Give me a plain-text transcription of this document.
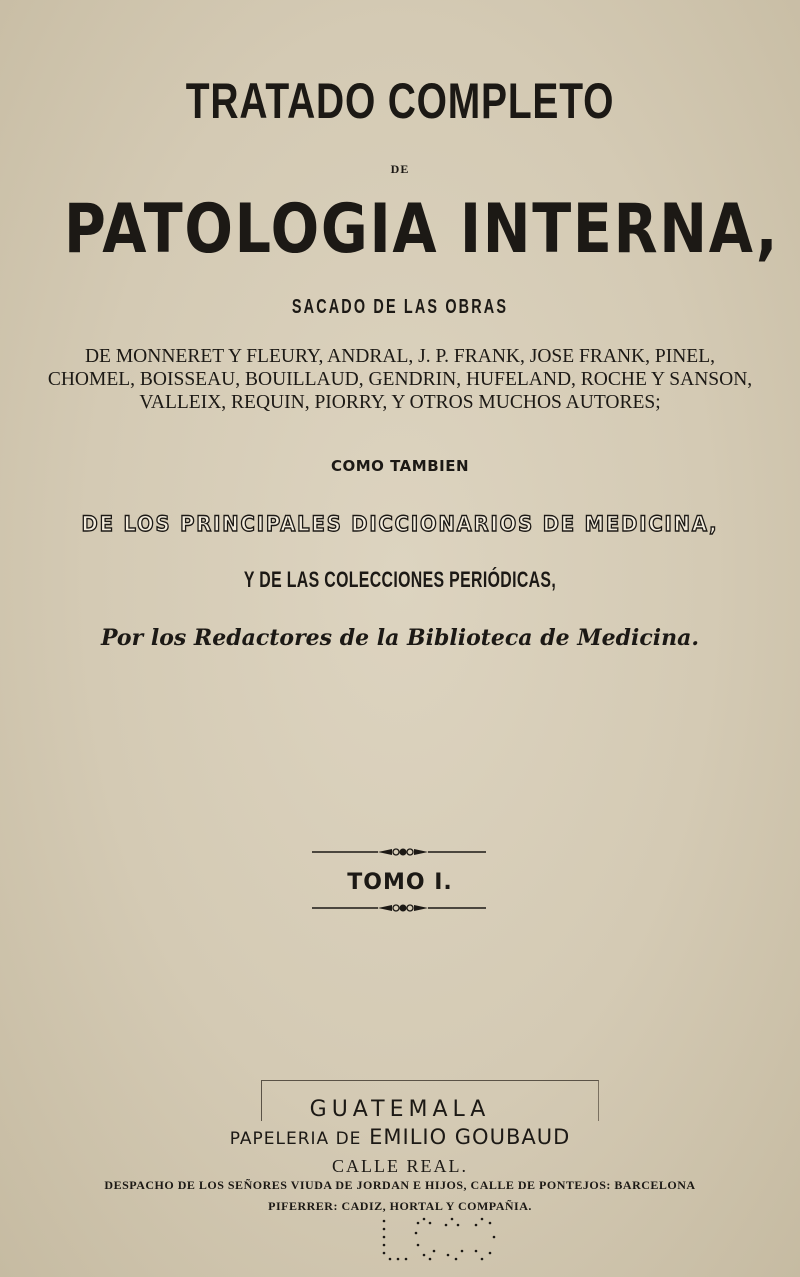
TRATADO COMPLETO
DE
PATOLOGIA INTERNA,
SACADO DE LAS OBRAS
DE MONNERET Y FLEURY, ANDRAL, J. P. FRANK, JOSE FRANK, PINEL,
CHOMEL, BOISSEAU, BOUILLAUD, GENDRIN, HUFELAND, ROCHE Y SANSON,
VALLEIX, REQUIN, PIORRY, Y OTROS MUCHOS AUTORES;
COMO TAMBIEN
DE LOS PRINCIPALES DICCIONARIOS DE MEDICINA,
Y DE LAS COLECCIONES PERIÓDICAS,
Por los Redactores de la Biblioteca de Medicina.
TOMO I.
GUATEMALA
PAPELERIA DE EMILIO GOUBAUD
CALLE REAL.
DESPACHO DE LOS SEÑORES VIUDA DE JORDAN E HIJOS, CALLE DE PONTEJOS: BARCELONA
PIFERRER: CADIZ, HORTAL Y COMPAÑIA.
